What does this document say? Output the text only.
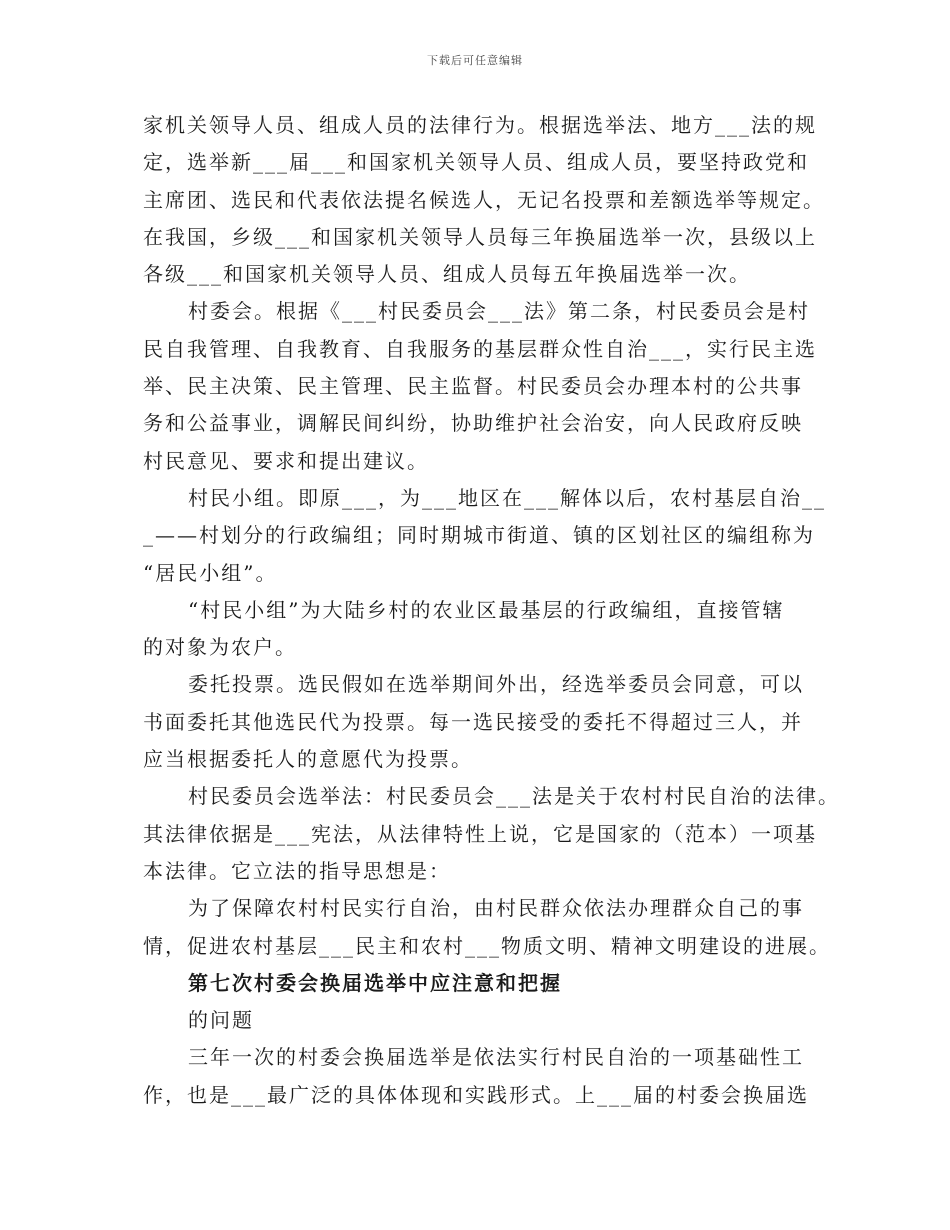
下载后可任意编辑
家机关领导人员、组成人员的法律行为。根据选举法、地方___法的规
定，选举新___届___和国家机关领导人员、组成人员，要坚持政党和
主席团、选民和代表依法提名候选人，无记名投票和差额选举等规定。
在我国，乡级___和国家机关领导人员每三年换届选举一次，县级以上
各级___和国家机关领导人员、组成人员每五年换届选举一次。
村委会。根据《___村民委员会___法》第二条，村民委员会是村
民自我管理、自我教育、自我服务的基层群众性自治___，实行民主选
举、民主决策、民主管理、民主监督。村民委员会办理本村的公共事
务和公益事业，调解民间纠纷，协助维护社会治安，向人民政府反映
村民意见、要求和提出建议。
村民小组。即原___，为___地区在___解体以后，农村基层自治__
_——村划分的行政编组；同时期城市街道、镇的区划社区的编组称为
“居民小组”。
“村民小组”为大陆乡村的农业区最基层的行政编组，直接管辖
的对象为农户。
委托投票。选民假如在选举期间外出，经选举委员会同意，可以
书面委托其他选民代为投票。每一选民接受的委托不得超过三人，并
应当根据委托人的意愿代为投票。
村民委员会选举法：村民委员会___法是关于农村村民自治的法律。
其法律依据是___宪法，从法律特性上说，它是国家的（范本）一项基
本法律。它立法的指导思想是：
为了保障农村村民实行自治，由村民群众依法办理群众自己的事
情，促进农村基层___民主和农村___物质文明、精神文明建设的进展。
第七次村委会换届选举中应注意和把握
的问题
三年一次的村委会换届选举是依法实行村民自治的一项基础性工
作，也是___最广泛的具体体现和实践形式。上___届的村委会换届选
